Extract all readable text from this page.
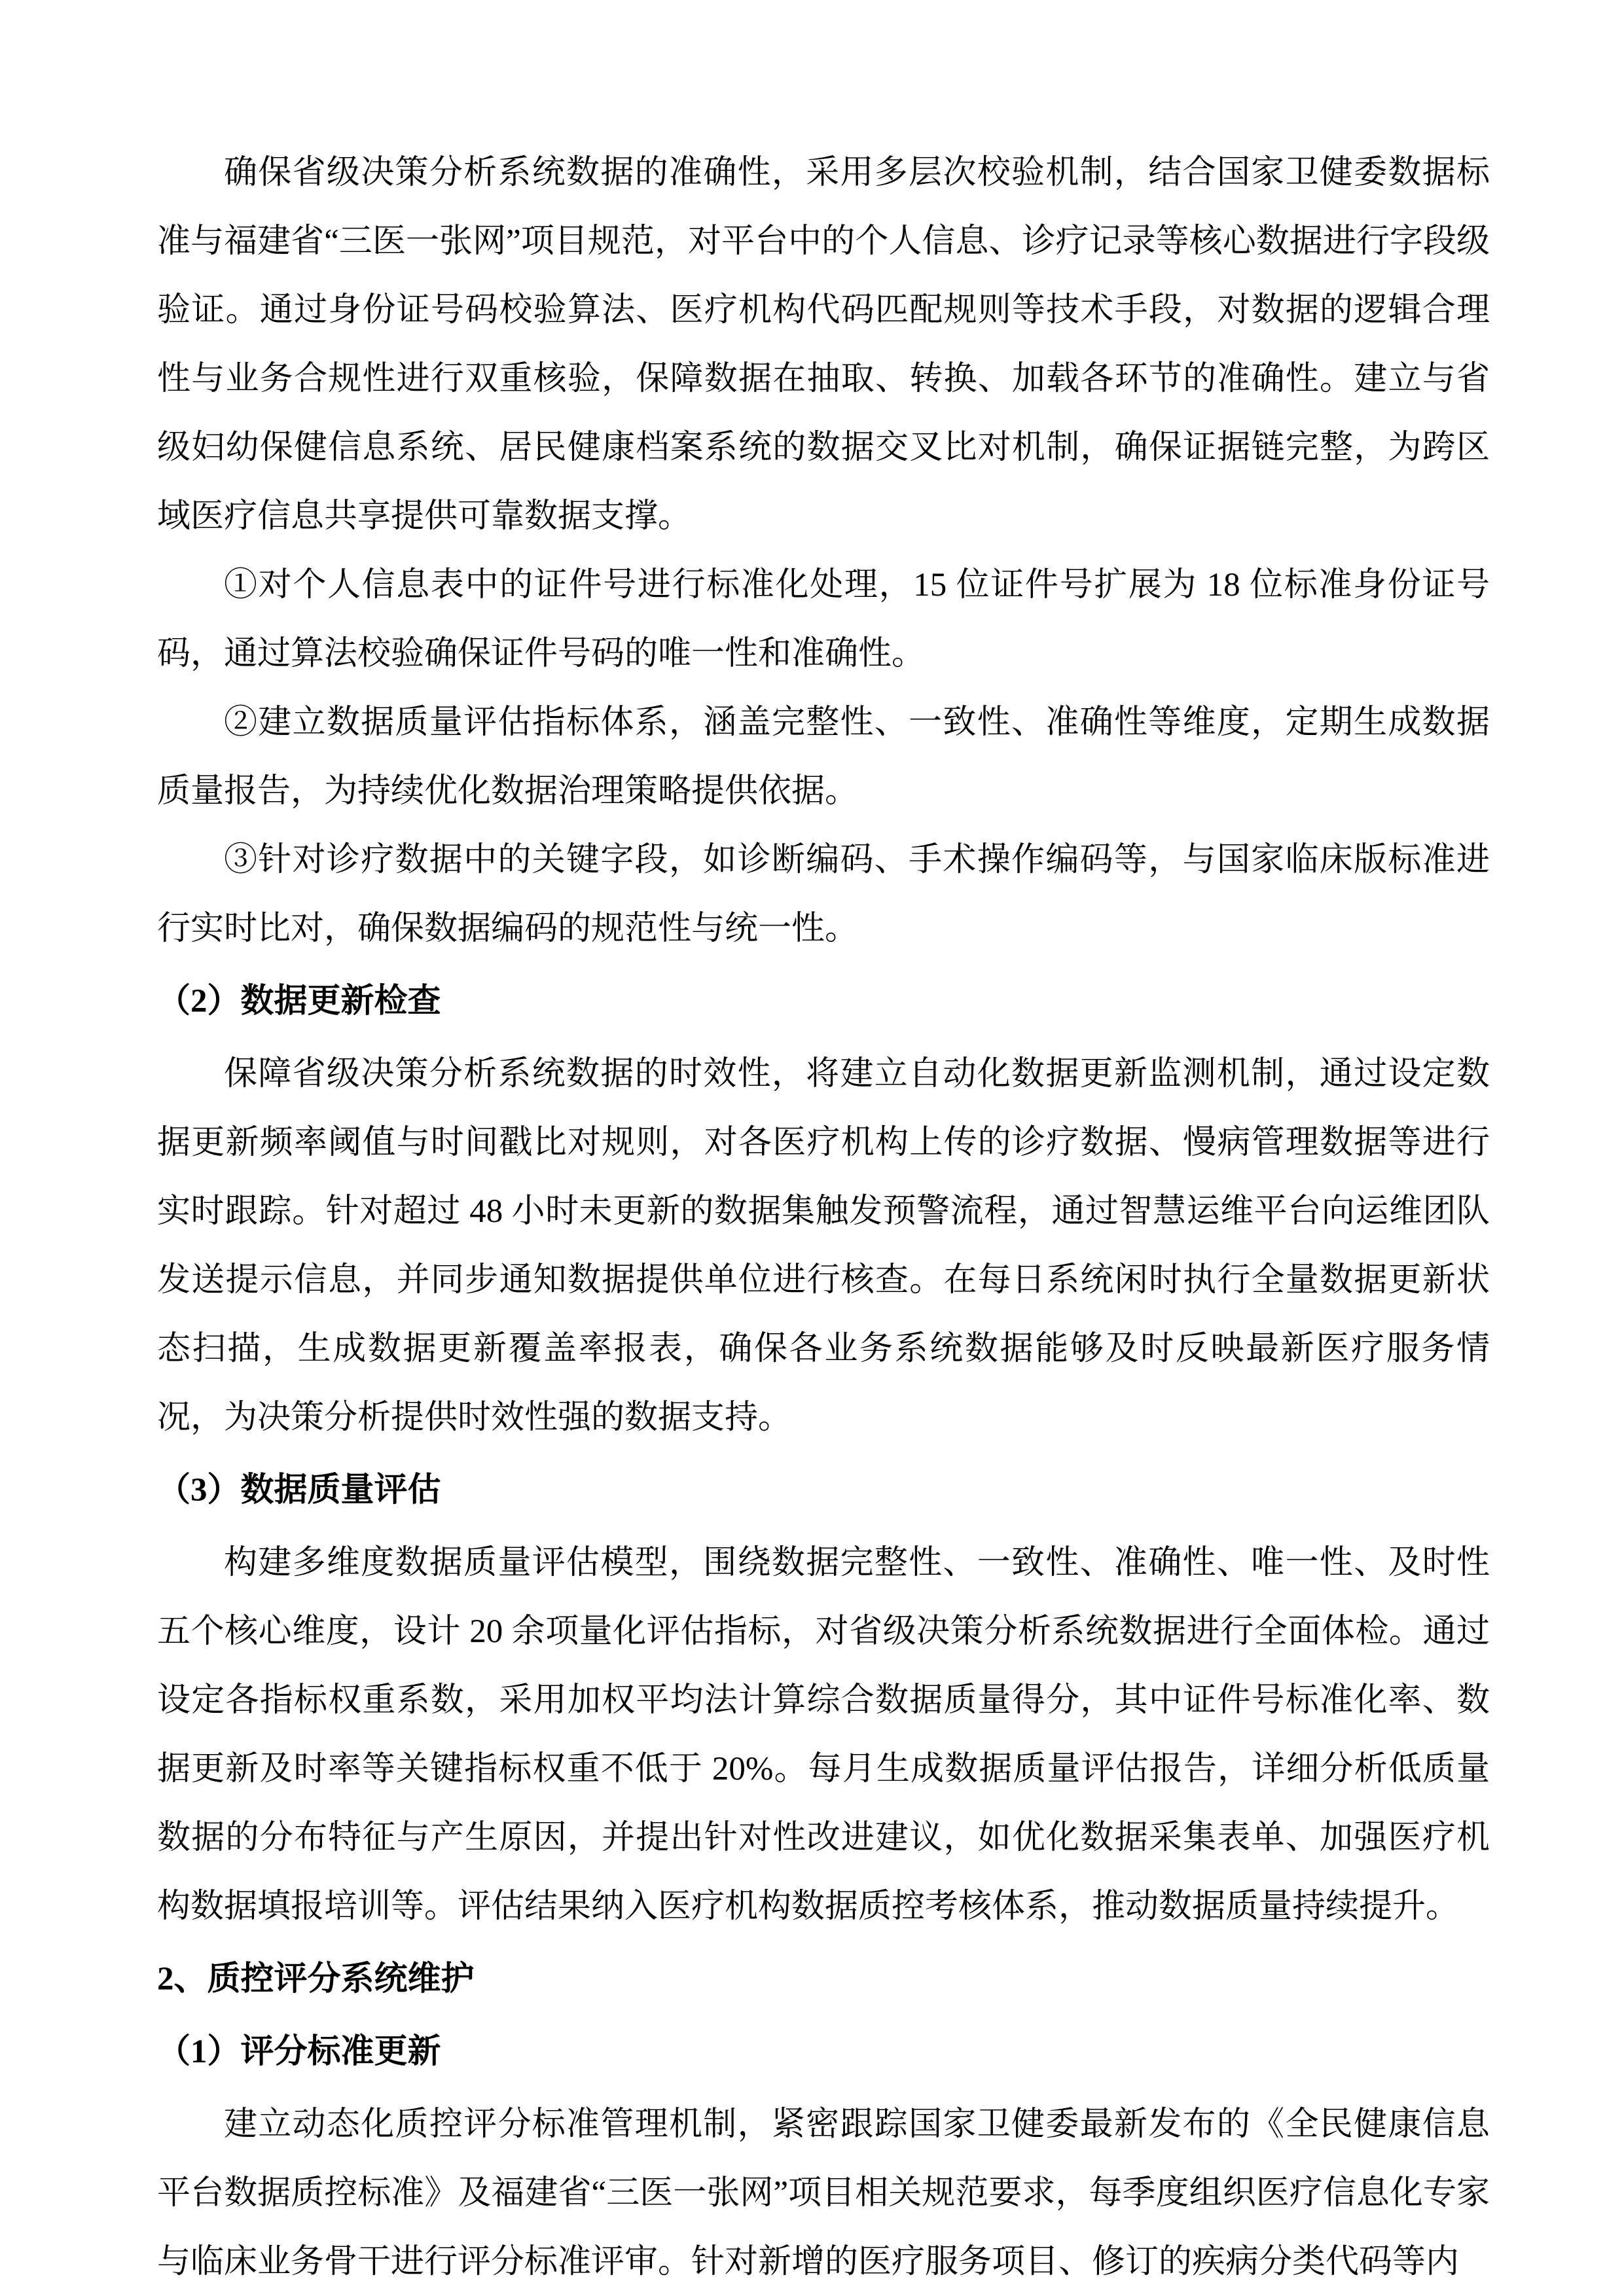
确保省级决策分析系统数据的准确性，采用多层次校验机制，结合国家卫健委数据标准与福建省“三医一张网”项目规范，对平台中的个人信息、诊疗记录等核心数据进行字段级验证。通过身份证号码校验算法、医疗机构代码匹配规则等技术手段，对数据的逻辑合理性与业务合规性进行双重核验，保障数据在抽取、转换、加载各环节的准确性。建立与省级妇幼保健信息系统、居民健康档案系统的数据交叉比对机制，确保证据链完整，为跨区域医疗信息共享提供可靠数据支撑。

①对个人信息表中的证件号进行标准化处理，15 位证件号扩展为 18 位标准身份证号码，通过算法校验确保证件号码的唯一性和准确性。

②建立数据质量评估指标体系，涵盖完整性、一致性、准确性等维度，定期生成数据质量报告，为持续优化数据治理策略提供依据。

③针对诊疗数据中的关键字段，如诊断编码、手术操作编码等，与国家临床版标准进行实时比对，确保数据编码的规范性与统一性。

（2）数据更新检查

保障省级决策分析系统数据的时效性，将建立自动化数据更新监测机制，通过设定数据更新频率阈值与时间戳比对规则，对各医疗机构上传的诊疗数据、慢病管理数据等进行实时跟踪。针对超过 48 小时未更新的数据集触发预警流程，通过智慧运维平台向运维团队发送提示信息，并同步通知数据提供单位进行核查。在每日系统闲时执行全量数据更新状态扫描，生成数据更新覆盖率报表，确保各业务系统数据能够及时反映最新医疗服务情况，为决策分析提供时效性强的数据支持。

（3）数据质量评估

构建多维度数据质量评估模型，围绕数据完整性、一致性、准确性、唯一性、及时性五个核心维度，设计 20 余项量化评估指标，对省级决策分析系统数据进行全面体检。通过设定各指标权重系数，采用加权平均法计算综合数据质量得分，其中证件号标准化率、数据更新及时率等关键指标权重不低于 20%。每月生成数据质量评估报告，详细分析低质量数据的分布特征与产生原因，并提出针对性改进建议，如优化数据采集表单、加强医疗机构数据填报培训等。评估结果纳入医疗机构数据质控考核体系，推动数据质量持续提升。

2、质控评分系统维护

（1）评分标准更新

建立动态化质控评分标准管理机制，紧密跟踪国家卫健委最新发布的《全民健康信息平台数据质控标准》及福建省“三医一张网”项目相关规范要求，每季度组织医疗信息化专家与临床业务骨干进行评分标准评审。针对新增的医疗服务项目、修订的疾病分类代码等内
